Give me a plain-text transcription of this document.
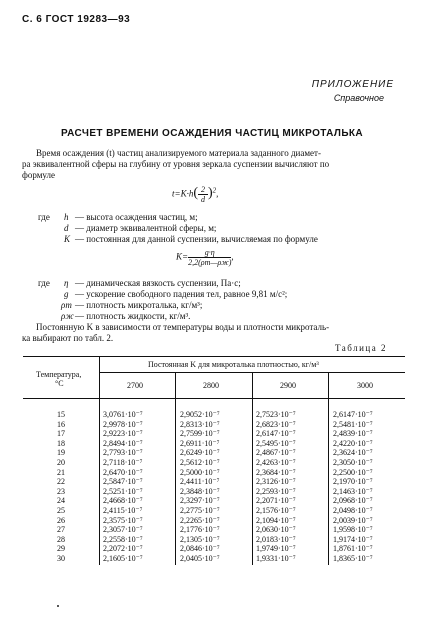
С. 6 ГОСТ 19283—93
ПРИЛОЖЕНИЕ
Справочное
РАСЧЕТ ВРЕМЕНИ ОСАЖДЕНИЯ ЧАСТИЦ МИКРОТАЛЬКА
Время осаждения (t) частиц анализируемого материала заданного диамет-
ра эквивалентной сферы на глубину от уровня зеркала суспензии вычисляют по
формуле
$t=K\cdot h( \frac{2}{d} )^2$,
где h — высота осаждения частиц, м;
d — диаметр эквивалентной сферы, м;
K — постоянная для данной суспензии, вычисляемая по формуле
$K= \frac{g\cdot\eta}{2,2(\rho т—\rho ж)}$ ,
где η — динамическая вязкость суспензии, Па·с;
g — ускорение свободного падения тел, равное 9,81 м/с²;
ρт — плотность микроталька, кг/м³;
ρж — плотность жидкости, кг/м³.
Постоянную K в зависимости от температуры воды и плотности микроталь-
ка выбирают по табл. 2.
Таблица 2
Температура,
°С
Постоянная K для микроталька плотностью, кг/м³
2700	2800	2900	3000
15	3,0761·10⁻⁷	2,9052·10⁻⁷	2,7523·10⁻⁷	2,6147·10⁻⁷
16	2,9978·10⁻⁷	2,8313·10⁻⁷	2,6823·10⁻⁷	2,5481·10⁻⁷
17	2,9223·10⁻⁷	2,7599·10⁻⁷	2,6147·10⁻⁷	2,4839·10⁻⁷
18	2,8494·10⁻⁷	2,6911·10⁻⁷	2,5495·10⁻⁷	2,4220·10⁻⁷
19	2,7793·10⁻⁷	2,6249·10⁻⁷	2,4867·10⁻⁷	2,3624·10⁻⁷
20	2,7118·10⁻⁷	2,5612·10⁻⁷	2,4263·10⁻⁷	2,3050·10⁻⁷
21	2,6470·10⁻⁷	2,5000·10⁻⁷	2,3684·10⁻⁷	2,2500·10⁻⁷
22	2,5847·10⁻⁷	2,4411·10⁻⁷	2,3126·10⁻⁷	2,1970·10⁻⁷
23	2,5251·10⁻⁷	2,3848·10⁻⁷	2,2593·10⁻⁷	2,1463·10⁻⁷
24	2,4668·10⁻⁷	2,3297·10⁻⁷	2,2071·10⁻⁷	2,0968·10⁻⁷
25	2,4115·10⁻⁷	2,2775·10⁻⁷	2,1576·10⁻⁷	2,0498·10⁻⁷
26	2,3575·10⁻⁷	2,2265·10⁻⁷	2,1094·10⁻⁷	2,0039·10⁻⁷
27	2,3057·10⁻⁷	2,1776·10⁻⁷	2,0630·10⁻⁷	1,9598·10⁻⁷
28	2,2558·10⁻⁷	2,1305·10⁻⁷	2,0183·10⁻⁷	1,9174·10⁻⁷
29	2,2072·10⁻⁷	2,0846·10⁻⁷	1,9749·10⁻⁷	1,8761·10⁻⁷
30	2,1605·10⁻⁷	2,0405·10⁻⁷	1,9331·10⁻⁷	1,8365·10⁻⁷
